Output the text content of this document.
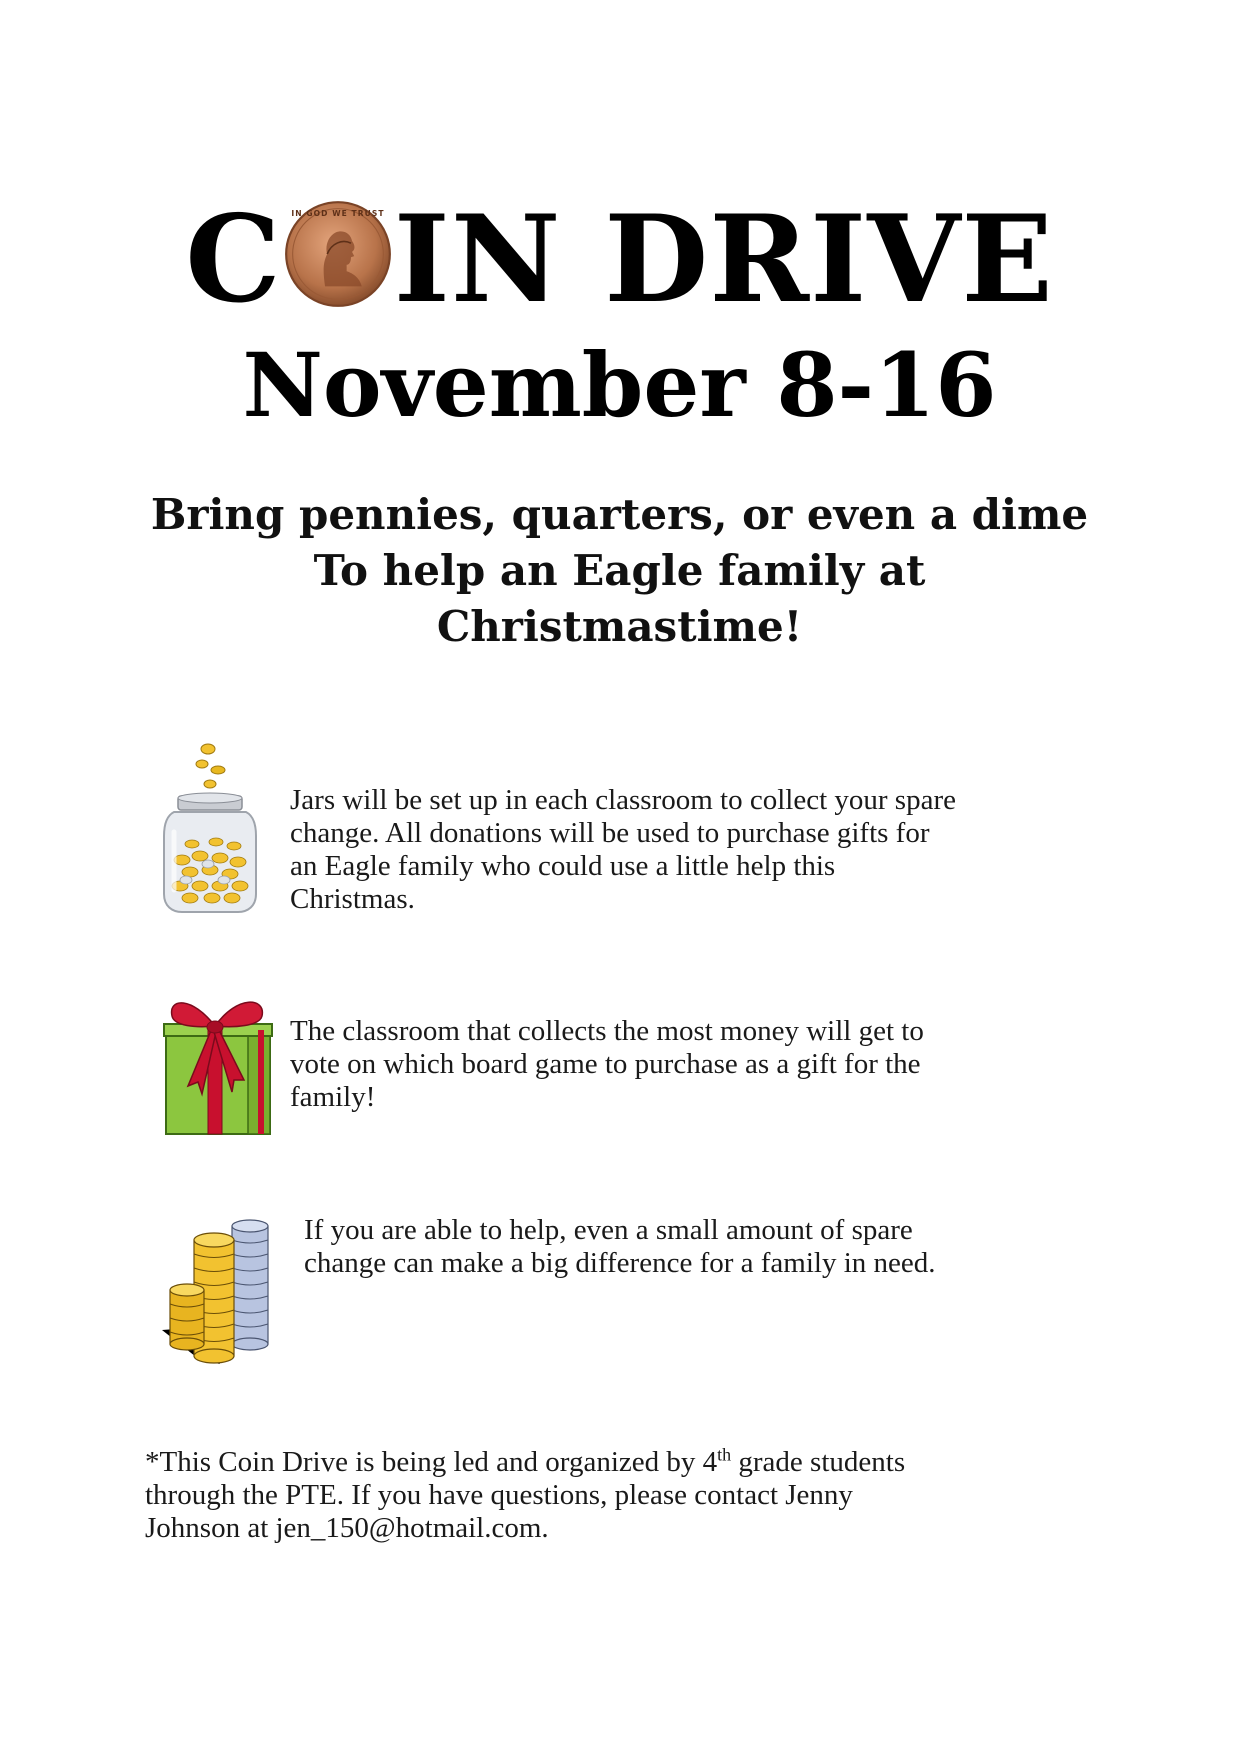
C IN GOD WE TRUST IN DRIVE
November 8-16
Bring pennies, quarters, or even a dime
To help an Eagle family at
Christmastime!
Jars will be set up in each classroom to collect your spare
change. All donations will be used to purchase gifts for
an Eagle family who could use a little help this
Christmas.
The classroom that collects the most money will get to
vote on which board game to purchase as a gift for the
family!
If you are able to help, even a small amount of spare
change can make a big difference for a family in need.
*This Coin Drive is being led and organized by 4th grade students
through the PTE. If you have questions, please contact Jenny
Johnson at jen_150@hotmail.com.
